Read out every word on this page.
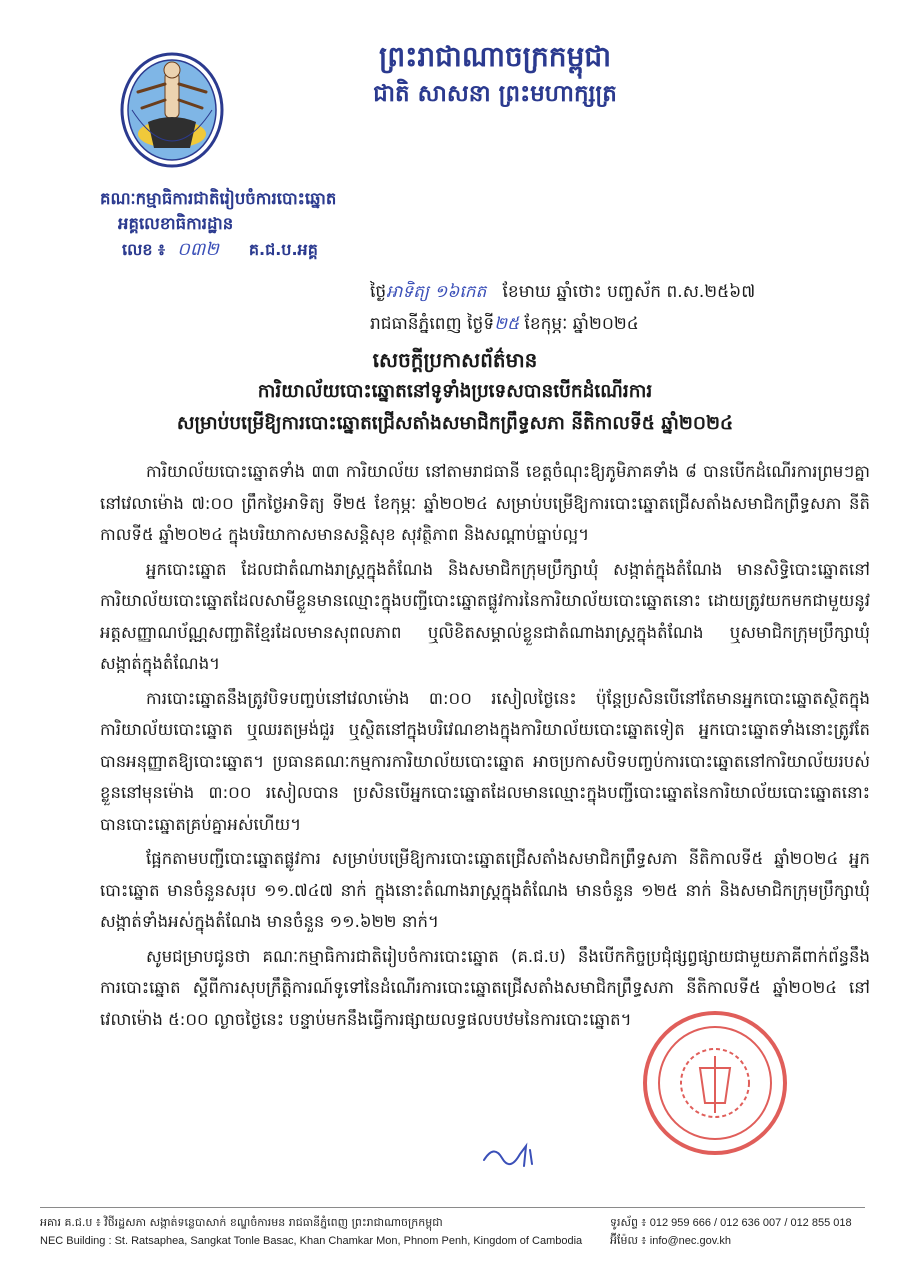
ព្រះរាជាណាចក្រកម្ពុជា
ជាតិ សាសនា ព្រះមហាក្សត្រ
គណៈកម្មាធិការជាតិរៀបចំការបោះឆ្នោត
អគ្គលេខាធិការដ្ឋាន
លេខ ៖ ០៣២ គ.ជ.ប.អគ្គ
ថ្ងៃអាទិត្យ ១៦កេត ខែមាឃ ឆ្នាំថោះ បញ្ចស័ក ព.ស.២៥៦៧
រាជធានីភ្នំពេញ ថ្ងៃទី២៥ ខែកុម្ភៈ ឆ្នាំ២០២៤
សេចក្តីប្រកាសព័ត៌មាន
ការិយាល័យបោះឆ្នោតនៅទូទាំងប្រទេសបានបើកដំណើរការ
សម្រាប់បម្រើឱ្យការបោះឆ្នោតជ្រើសតាំងសមាជិកព្រឹទ្ធសភា នីតិកាលទី៥ ឆ្នាំ២០២៤

ការិយាល័យបោះឆ្នោតទាំង ៣៣ ការិយាល័យ នៅតាមរាជធានី ខេត្តចំណុះឱ្យភូមិភាគទាំង ៨ បានបើកដំណើរការព្រមៗគ្នានៅវេលាម៉ោង ៧:០០ ព្រឹកថ្ងៃអាទិត្យ ទី២៥ ខែកុម្ភៈ ឆ្នាំ២០២៤ សម្រាប់បម្រើឱ្យការបោះឆ្នោតជ្រើសតាំងសមាជិកព្រឹទ្ធសភា នីតិកាលទី៥ ឆ្នាំ២០២៤ ក្នុងបរិយាកាសមានសន្តិសុខ សុវត្ថិភាព និងសណ្តាប់ធ្នាប់ល្អ។

អ្នកបោះឆ្នោត ដែលជាតំណាងរាស្ត្រក្នុងតំណែង និងសមាជិកក្រុមប្រឹក្សាឃុំ សង្កាត់ក្នុងតំណែង មានសិទ្ធិបោះឆ្នោតនៅការិយាល័យបោះឆ្នោតដែលសាមីខ្លួនមានឈ្មោះក្នុងបញ្ជីបោះឆ្នោតផ្លូវការនៃការិយាល័យបោះឆ្នោតនោះ ដោយត្រូវយកមកជាមួយនូវអត្តសញ្ញាណប័ណ្ណសញ្ជាតិខ្មែរដែលមានសុពលភាព ឬលិខិតសម្គាល់ខ្លួនជាតំណាងរាស្ត្រក្នុងតំណែង ឬសមាជិកក្រុមប្រឹក្សាឃុំ សង្កាត់ក្នុងតំណែង។

ការបោះឆ្នោតនឹងត្រូវបិទបញ្ចប់នៅវេលាម៉ោង ៣:០០ រសៀលថ្ងៃនេះ ប៉ុន្តែប្រសិនបើនៅតែមានអ្នកបោះឆ្នោតស្ថិតក្នុងការិយាល័យបោះឆ្នោត ឬឈរតម្រង់ជួរ ឬស្ថិតនៅក្នុងបរិវេណខាងក្នុងការិយាល័យបោះឆ្នោតទៀត អ្នកបោះឆ្នោតទាំងនោះត្រូវតែបានអនុញ្ញាតឱ្យបោះឆ្នោត។ ប្រធានគណៈកម្មការការិយាល័យបោះឆ្នោត អាចប្រកាសបិទបញ្ចប់ការបោះឆ្នោតនៅការិយាល័យរបស់ខ្លួននៅមុនម៉ោង ៣:០០ រសៀលបាន ប្រសិនបើអ្នកបោះឆ្នោតដែលមានឈ្មោះក្នុងបញ្ជីបោះឆ្នោតនៃការិយាល័យបោះឆ្នោតនោះ បានបោះឆ្នោតគ្រប់គ្នាអស់ហើយ។

ផ្អែកតាមបញ្ជីបោះឆ្នោតផ្លូវការ សម្រាប់បម្រើឱ្យការបោះឆ្នោតជ្រើសតាំងសមាជិកព្រឹទ្ធសភា នីតិកាលទី៥ ឆ្នាំ២០២៤ អ្នកបោះឆ្នោត មានចំនួនសរុប ១១.៧៤៧ នាក់ ក្នុងនោះតំណាងរាស្ត្រក្នុងតំណែង មានចំនួន ១២៥ នាក់ និងសមាជិកក្រុមប្រឹក្សាឃុំ សង្កាត់ទាំងអស់ក្នុងតំណែង មានចំនួន ១១.៦២២ នាក់។

សូមជម្រាបជូនថា គណៈកម្មាធិការជាតិរៀបចំការបោះឆ្នោត (គ.ជ.ប) នឹងបើកកិច្ចប្រជុំផ្សព្វផ្សាយជាមួយភាគីពាក់ព័ន្ធនឹងការបោះឆ្នោត ស្តីពីការសុបក្រឹត្តិការណ៍ទូទៅនៃដំណើរការបោះឆ្នោតជ្រើសតាំងសមាជិកព្រឹទ្ធសភា នីតិកាលទី៥ ឆ្នាំ២០២៤ នៅវេលាម៉ោង ៥:០០ ល្ងាចថ្ងៃនេះ បន្ទាប់មកនឹងធ្វើការផ្សាយលទ្ធផលបឋមនៃការបោះឆ្នោត។

អគារ គ.ជ.ប ៖ វិថីរដ្ឋសភា សង្កាត់ទន្លេបាសាក់ ខណ្ឌចំការមន រាជធានីភ្នំពេញ ព្រះរាជាណាចក្រកម្ពុជា	ទូរស័ព្ទ ៖ 012 959 666 / 012 636 007 / 012 855 018
NEC Building : St. Ratsaphea, Sangkat Tonle Basac, Khan Chamkar Mon, Phnom Penh, Kingdom of Cambodia	អ៊ីម៉ែល ៖ info@nec.gov.kh
